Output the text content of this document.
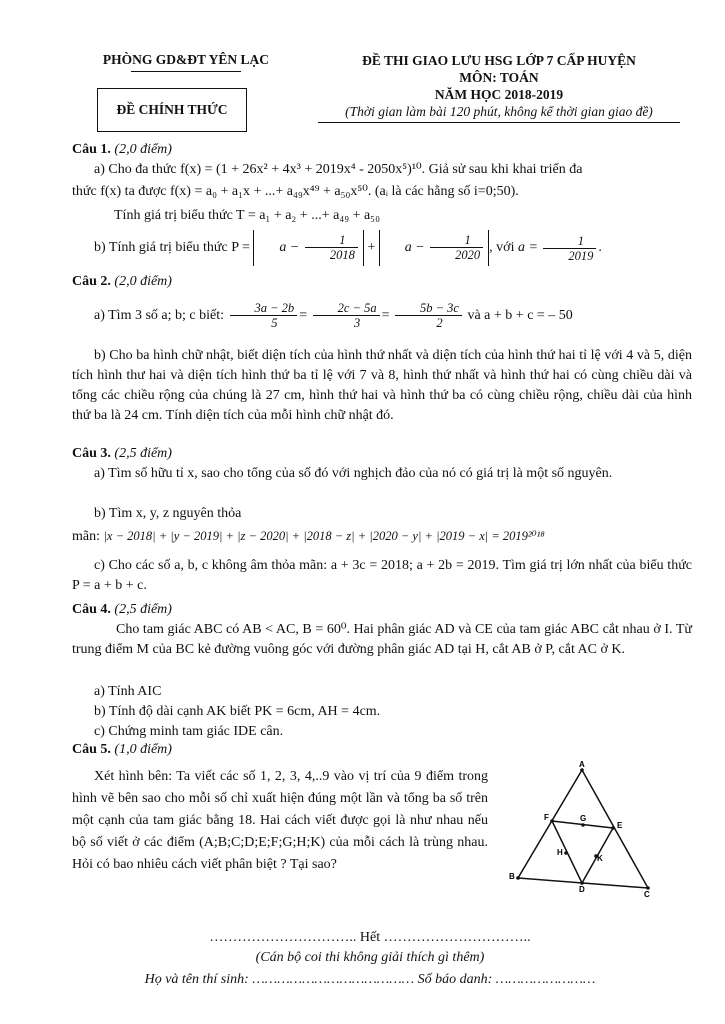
PHÒNG GD&ĐT YÊN LẠC
ĐỀ CHÍNH THỨC
ĐỀ THI GIAO LƯU HSG LỚP 7 CẤP HUYỆN
MÔN: TOÁN
NĂM HỌC 2018-2019
(Thời gian làm bài 120 phút, không kể thời gian giao đề)
Câu 1. (2,0 điểm)
a) Cho đa thức f(x) = (1 + 26x² + 4x³ + 2019x⁴ - 2050x⁵)¹⁰. Giả sử sau khi khai triển đa
thức f(x) ta được f(x) = a₀ + a₁x + ...+ a₄₉x⁴⁹ + a₅₀x⁵⁰. (aᵢ là các hằng số i=0;50).
Tính giá trị biểu thức T = a₁ + a₂ + ...+ a₄₉ + a₅₀
b) Tính giá trị biểu thức $P = a - \frac{1}{2018} + a - \frac{1}{2020}$ , với $a = \frac{1}{2019}$ .
Câu 2. (2,0 điểm)
a) Tìm 3 số a; b; c biết: $\frac{3a - 2b}{5} = \frac{2c - 5a}{3} = \frac{5b - 3c}{2}$ và a + b + c = – 50
b) Cho ba hình chữ nhật, biết diện tích của hình thứ nhất và diện tích của hình thứ hai tỉ lệ với 4 và 5, diện tích hình thư hai và diện tích hình thứ ba tỉ lệ với 7 và 8, hình thứ nhất và hình thứ hai có cùng chiều dài và tổng các chiều rộng của chúng là 27 cm, hình thứ hai và hình thứ ba có cùng chiều rộng, chiều dài của hình thứ ba là 24 cm. Tính diện tích của mỗi hình chữ nhật đó.
Câu 3. (2,5 điểm)
a) Tìm số hữu tỉ x, sao cho tổng của số đó với nghịch đảo của nó có giá trị là một số nguyên.
b) Tìm x, y, z nguyên thỏa
mãn: |x − 2018| + |y − 2019| + |z − 2020| + |2018 − z| + |2020 − y| + |2019 − x| = 2019²⁰¹⁸
c) Cho các số a, b, c không âm thỏa mãn: a + 3c = 2018; a + 2b = 2019. Tìm giá trị lớn nhất của biểu thức P = a + b + c.
Câu 4. (2,5 điểm)
Cho tam giác ABC có AB < AC, B = 60⁰. Hai phân giác AD và CE của tam giác ABC cắt nhau ở I. Từ trung điểm M của BC kẻ đường vuông góc với đường phân giác AD tại H, cắt AB ở P, cắt AC ở K.
a) Tính AIC
b) Tính độ dài cạnh AK biết PK = 6cm, AH = 4cm.
c) Chứng minh tam giác IDE cân.
Câu 5. (1,0 điểm)
Xét hình bên: Ta viết các số 1, 2, 3, 4,..9 vào vị trí của 9 điểm trong hình vẽ bên sao cho mỗi số chỉ xuất hiện đúng một lần và tổng ba số trên một cạnh của tam giác bằng 18. Hai cách viết được gọi là như nhau nếu bộ số viết ở các điểm (A;B;C;D;E;F;G;H;K) của mỗi cách là trùng nhau. Hỏi có bao nhiêu cách viết phân biệt ? Tại sao?
A
B
C
D
E
F	G
H
K
………………………….. Hết …………………………..
(Cán bộ coi thi không giải thích gì thêm)
Họ và tên thí sinh: ………………………………… Số báo danh: ……………………
